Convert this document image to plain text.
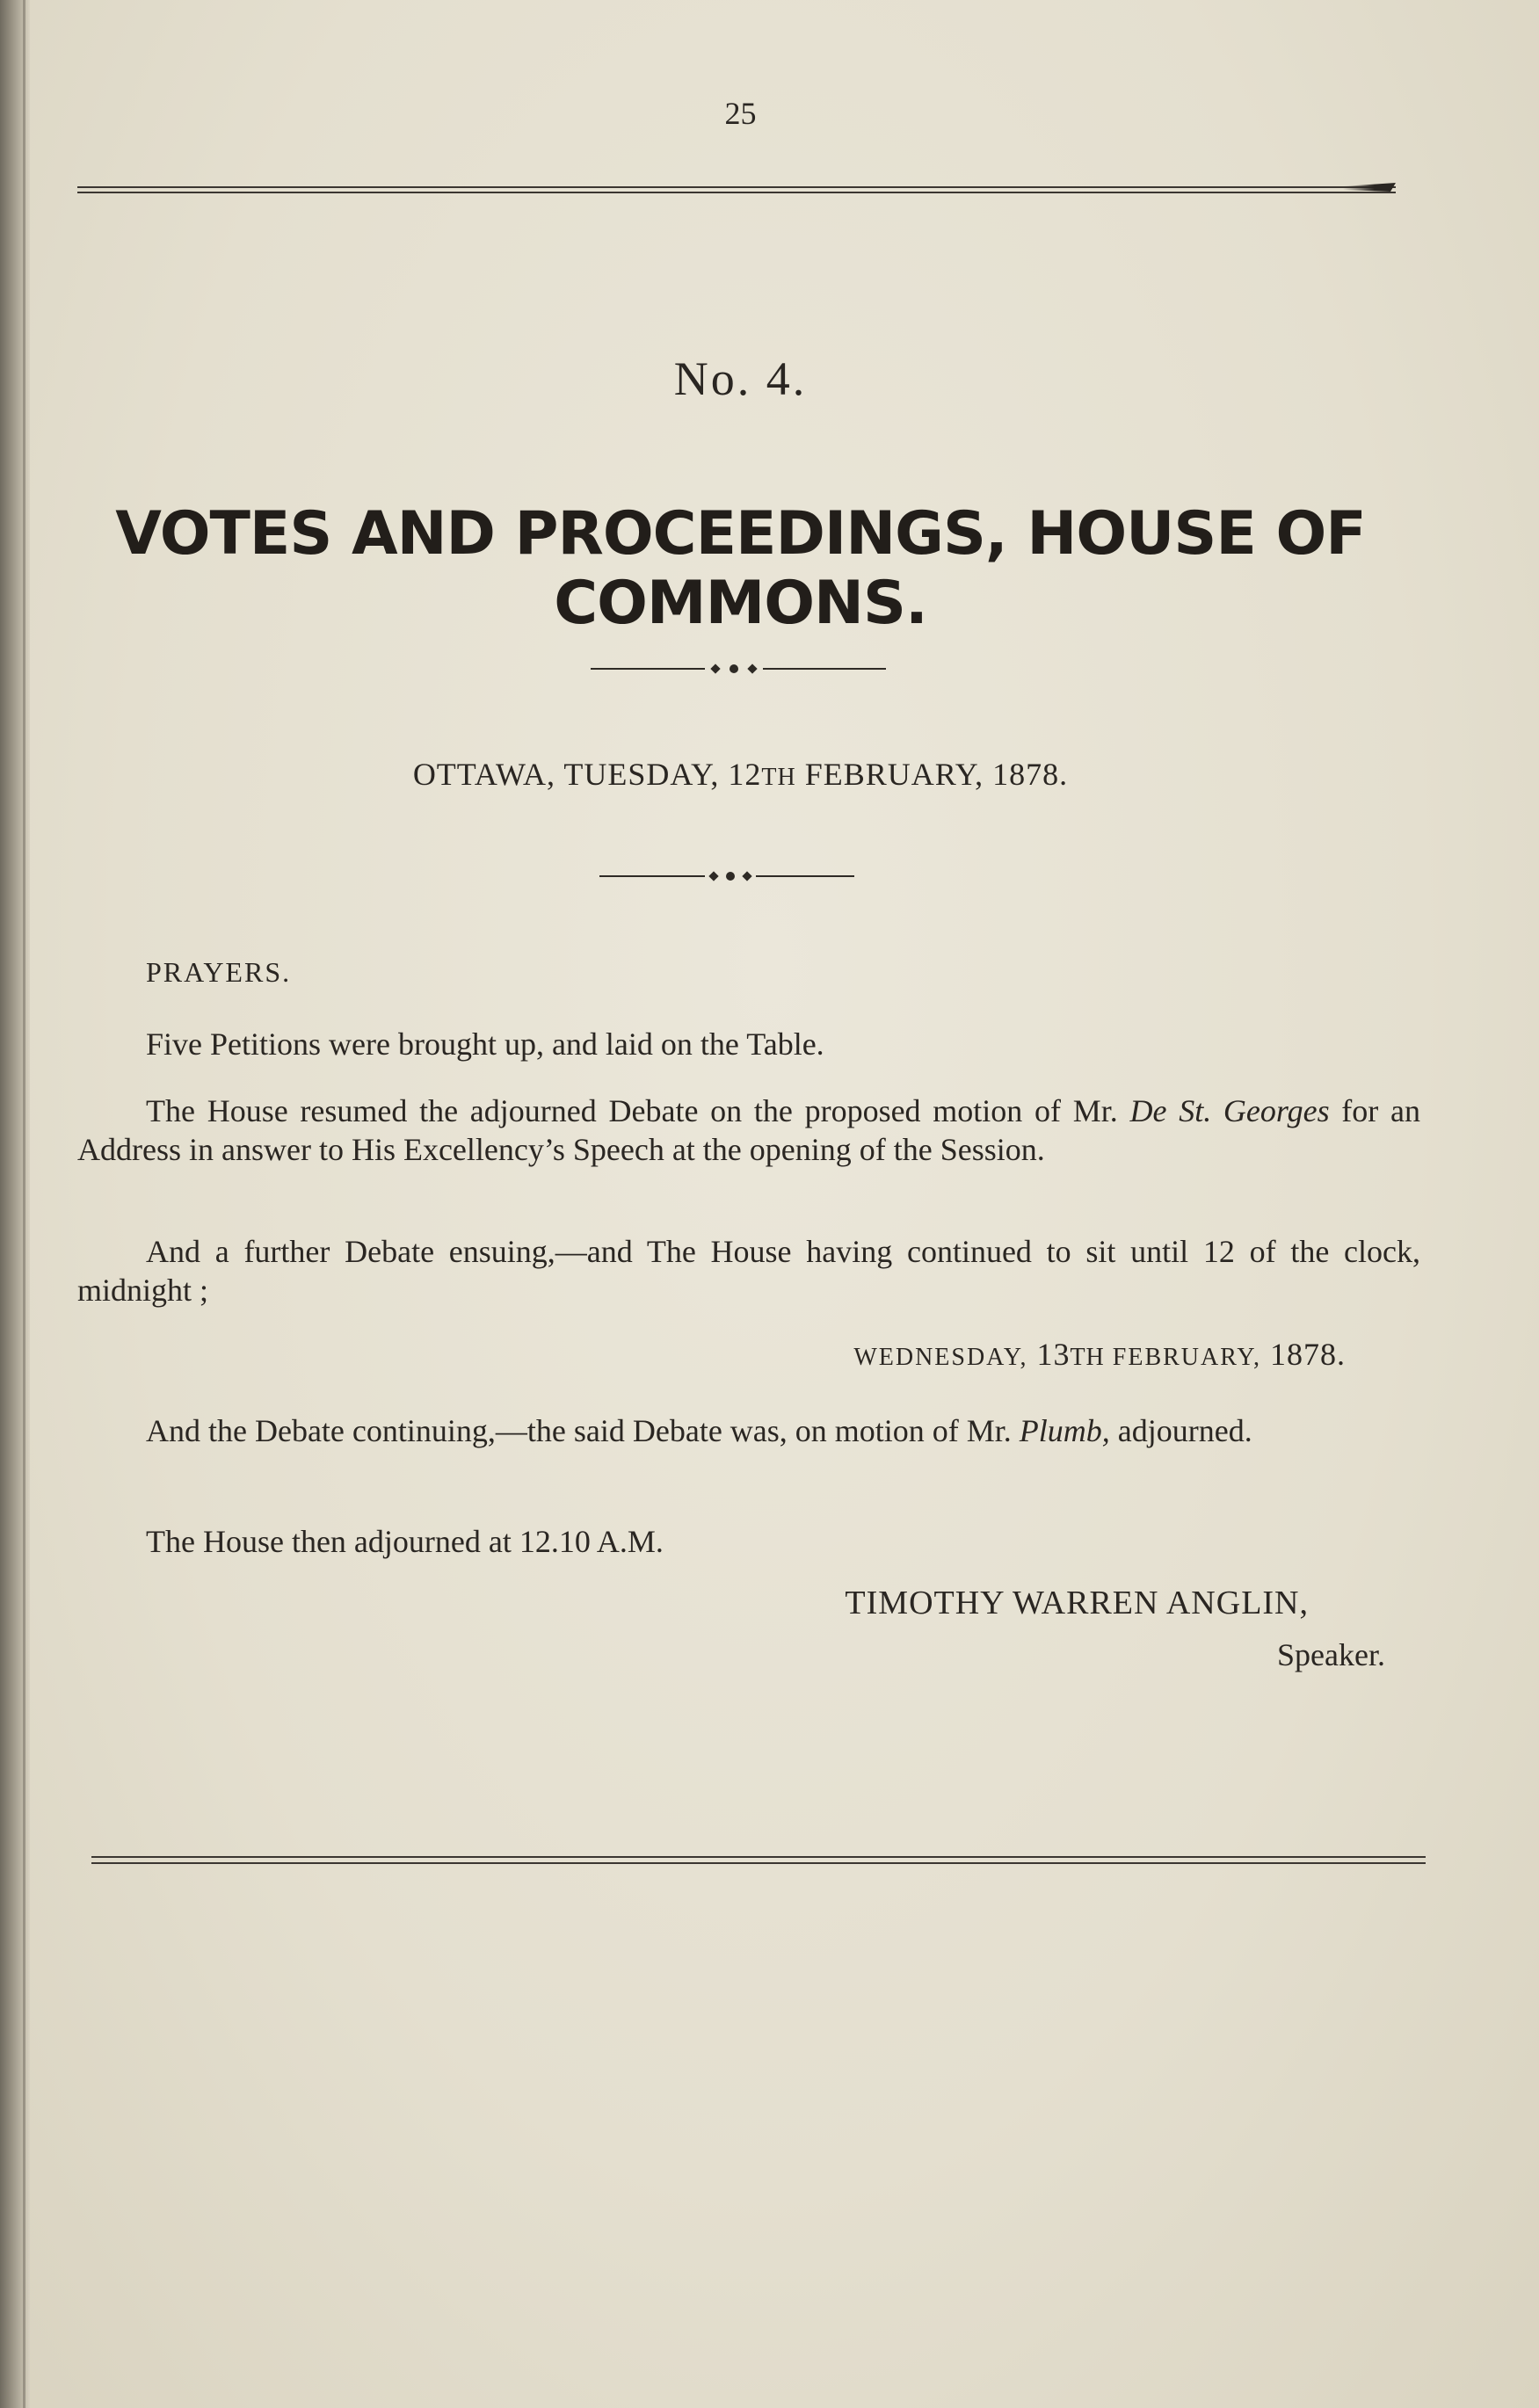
25
No. 4.
VOTES AND PROCEEDINGS, HOUSE OF COMMONS.
OTTAWA, TUESDAY, 12TH FEBRUARY, 1878.
PRAYERS.
Five Petitions were brought up, and laid on the Table.
The House resumed the adjourned Debate on the proposed motion of Mr. De St. Georges for an Address in answer to His Excellency’s Speech at the opening of the Session.
And a further Debate ensuing,—and The House having continued to sit until 12 of the clock, midnight ;
WEDNESDAY, 13TH FEBRUARY, 1878.
And the Debate continuing,—the said Debate was, on motion of Mr. Plumb, adjourned.
The House then adjourned at 12.10 A.M.
TIMOTHY WARREN ANGLIN,
Speaker.
